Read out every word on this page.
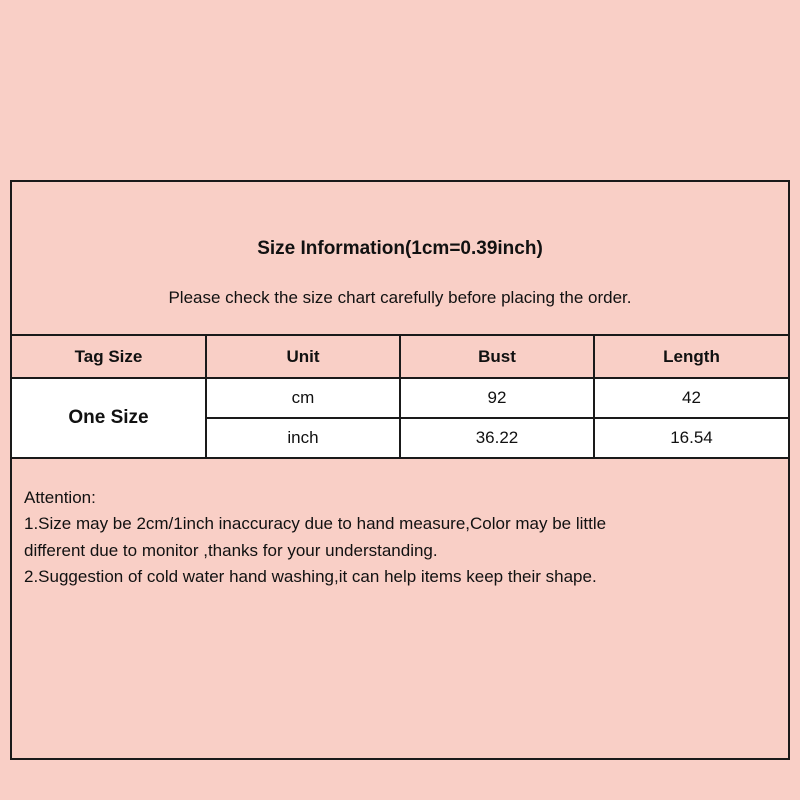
Size Information(1cm=0.39inch)
Please check the size chart carefully before placing the order.
Tag Size	Unit	Bust	Length
One Size	cm	92	42
	inch	36.22	16.54
Attention:
1.Size may be 2cm/1inch inaccuracy due to hand measure,Color may be little
different due to monitor ,thanks for your understanding.
2.Suggestion of cold water hand washing,it can help items keep their shape.
